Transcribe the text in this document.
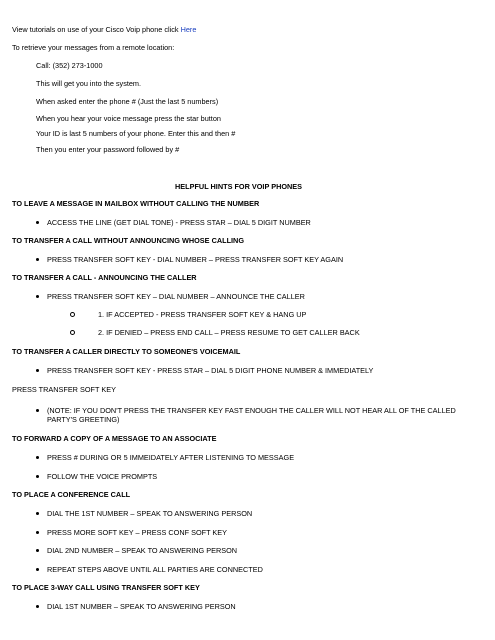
View tutorials on use of your Cisco Voip phone click Here
To retrieve your messages from a remote location:
Call: (352) 273-1000
This will get you into the system.
When asked enter the phone # (Just the last 5 numbers)
When you hear your voice message press the star button
Your ID is last 5 numbers of your phone. Enter this and then #
Then you enter your password followed by #
HELPFUL HINTS FOR VOIP PHONES
TO LEAVE A MESSAGE IN MAILBOX WITHOUT CALLING THE NUMBER
ACCESS THE LINE (GET DIAL TONE) - PRESS STAR – DIAL 5 DIGIT NUMBER
TO TRANSFER A CALL WITHOUT ANNOUNCING WHOSE CALLING
PRESS TRANSFER SOFT KEY - DIAL NUMBER – PRESS TRANSFER SOFT KEY AGAIN
TO TRANSFER A CALL - ANNOUNCING THE CALLER
PRESS TRANSFER SOFT KEY – DIAL NUMBER – ANNOUNCE THE CALLER
1. IF ACCEPTED - PRESS TRANSFER SOFT KEY & HANG UP
2. IF DENIED – PRESS END CALL – PRESS RESUME TO GET CALLER BACK
TO TRANSFER A CALLER DIRECTLY TO SOMEONE'S VOICEMAIL
PRESS TRANSFER SOFT KEY - PRESS STAR – DIAL 5 DIGIT PHONE NUMBER & IMMEDIATELY
PRESS TRANSFER SOFT KEY
(NOTE: IF YOU DON'T PRESS THE TRANSFER KEY FAST ENOUGH THE CALLER WILL NOT HEAR ALL OF THE CALLED
PARTY'S GREETING)
TO FORWARD A COPY OF A MESSAGE TO AN ASSOCIATE
PRESS # DURING OR 5 IMMEIDATELY AFTER LISTENING TO MESSAGE
FOLLOW THE VOICE PROMPTS
TO PLACE A CONFERENCE CALL
DIAL THE 1ST NUMBER – SPEAK TO ANSWERING PERSON
PRESS MORE SOFT KEY – PRESS CONF SOFT KEY
DIAL 2ND NUMBER – SPEAK TO ANSWERING PERSON
REPEAT STEPS ABOVE UNTIL ALL PARTIES ARE CONNECTED
TO PLACE 3-WAY CALL USING TRANSFER SOFT KEY
DIAL 1ST NUMBER – SPEAK TO ANSWERING PERSON
